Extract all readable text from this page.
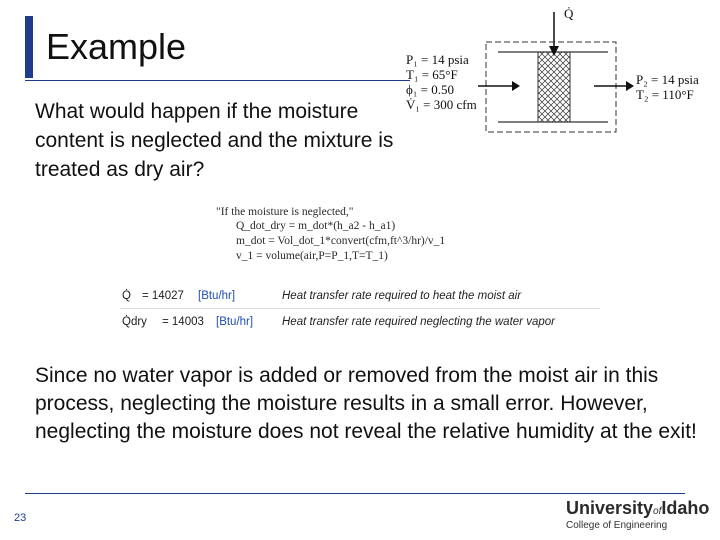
Example
What would happen if the moisture content is neglected and the mixture is treated as dry air?
Q̇
P₁ = 14 psia
T₁ = 65°F
ϕ₁ = 0.50
V̇₁ = 300 cfm
P₂ = 14 psia
T₂ = 110°F
"If the moisture is neglected,"
Q_dot_dry = m_dot*(h_a2 - h_a1)
m_dot = Vol_dot_1*convert(cfm,ft^3/hr)/v_1
v_1 = volume(air,P=P_1,T=T_1)
Q̇ = 14027 [Btu/hr]	Heat transfer rate required to heat the moist air
Q̇dry = 14003 [Btu/hr]	Heat transfer rate required neglecting the water vapor
Since no water vapor is added or removed from the moist air in this process, neglecting the moisture results in a small error. However, neglecting the moisture does not reveal the relative humidity at the exit!
23	UniversityofIdaho
College of Engineering
